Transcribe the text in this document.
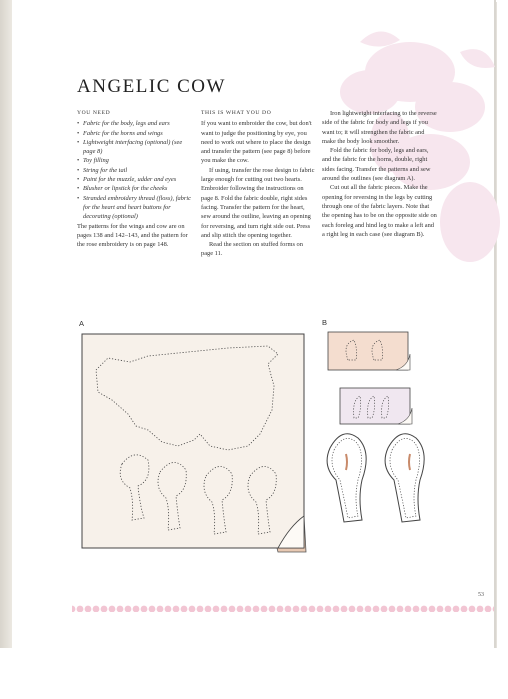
ANGELIC COW
YOU NEED
• Fabric for the body, legs and ears
• Fabric for the horns and wings
• Lightweight interfacing (optional) (see page 8)
• Toy filling
• String for the tail
• Paint for the muzzle, udder and eyes
• Blusher or lipstick for the cheeks
• Stranded embroidery thread (floss), fabric for the heart and heart buttons for decorating (optional)

The patterns for the wings and cow are on pages 138 and 142–143, and the pattern for the rose embroidery is on page 148.

THIS IS WHAT YOU DO

If you want to embroider the cow, but don't want to judge the positioning by eye, you need to work out where to place the design and transfer the pattern (see page 8) before you make the cow.

If using, transfer the rose design to fabric large enough for cutting out two hearts. Embroider following the instructions on page 8. Fold the fabric double, right sides facing. Transfer the pattern for the heart, sew around the outline, leaving an opening for reversing, and turn right side out. Press and slip stitch the opening together.

Read the section on stuffed forms on page 11.

Iron lightweight interfacing to the reverse side of the fabric for body and legs if you want to; it will strengthen the fabric and make the body look smoother.

Fold the fabric for body, legs and ears, and the fabric for the horns, double, right sides facing. Transfer the patterns and sew around the outlines (see diagram A).

Cut out all the fabric pieces. Make the opening for reversing in the legs by cutting through one of the fabric layers. Note that the opening has to be on the opposite side on each foreleg and hind leg to make a left and a right leg in each case (see diagram B).

A	B
53
